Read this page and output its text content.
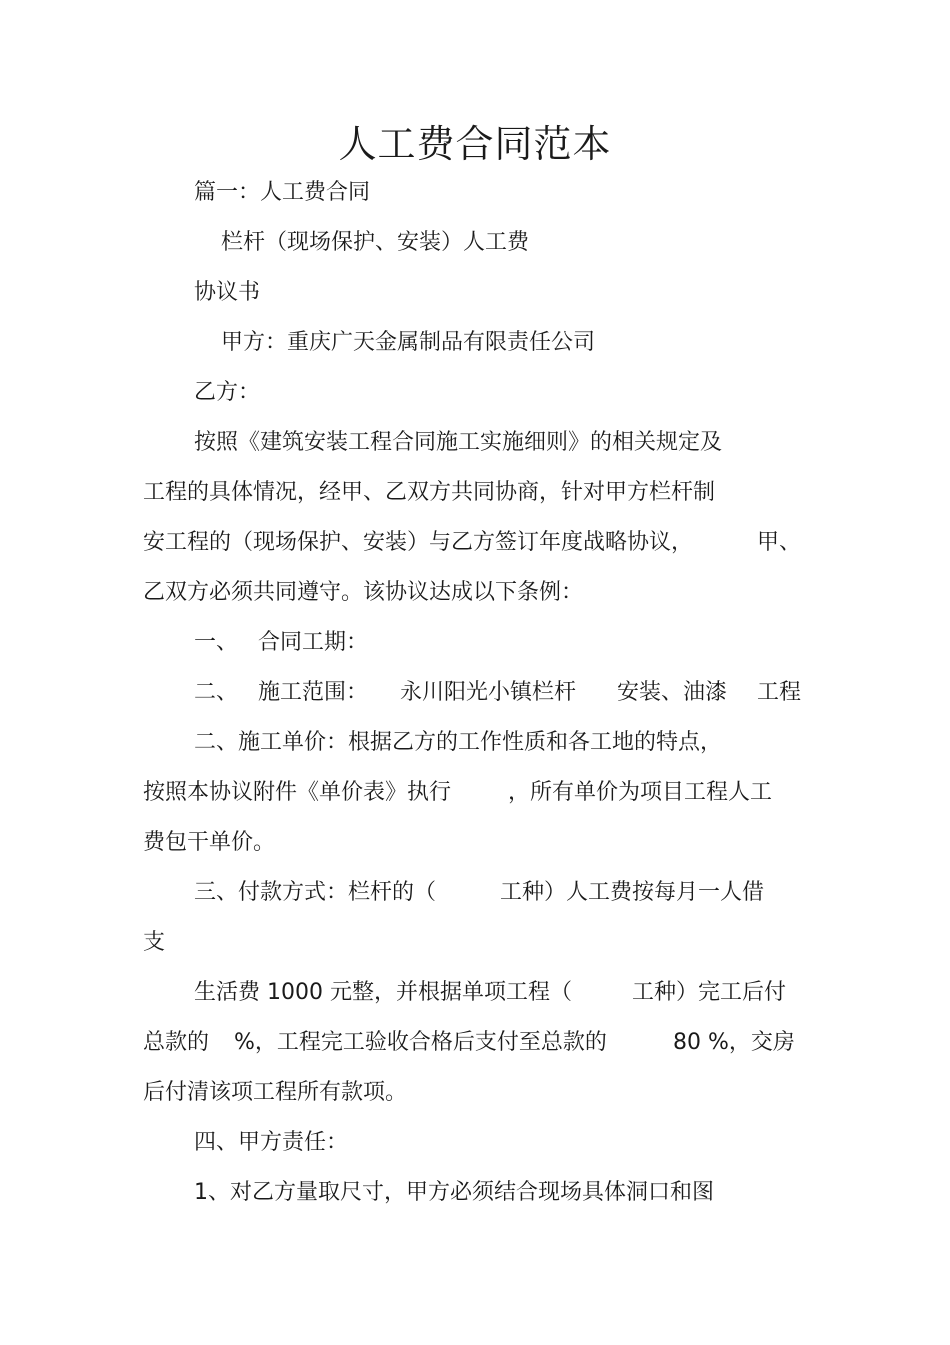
人工费合同范本
篇一：人工费合同
栏杆（现场保护、安装）人工费
协议书
甲方：重庆广天金属制品有限责任公司
乙方：
按照《建筑安装工程合同施工实施细则》的相关规定及
工程的具体情况，经甲、乙双方共同协商，针对甲方栏杆制
安工程的（现场保护、安装）与乙方签订年度战略协议，	甲、
乙双方必须共同遵守。该协议达成以下条例：
一、 合同工期：
二、 施工范围： 永川阳光小镇栏杆 安装、油漆 工程
二、施工单价：根据乙方的工作性质和各工地的特点，
按照本协议附件《单价表》执行	，所有单价为项目工程人工
费包干单价。
三、付款方式：栏杆的（	工种）人工费按每月一人借
支
生活费 1000 元整，并根据单项工程（	工种）完工后付
总款的 %，工程完工验收合格后支付至总款的	80 %，交房
后付清该项工程所有款项。
四、甲方责任：
1、对乙方量取尺寸，甲方必须结合现场具体洞口和图
